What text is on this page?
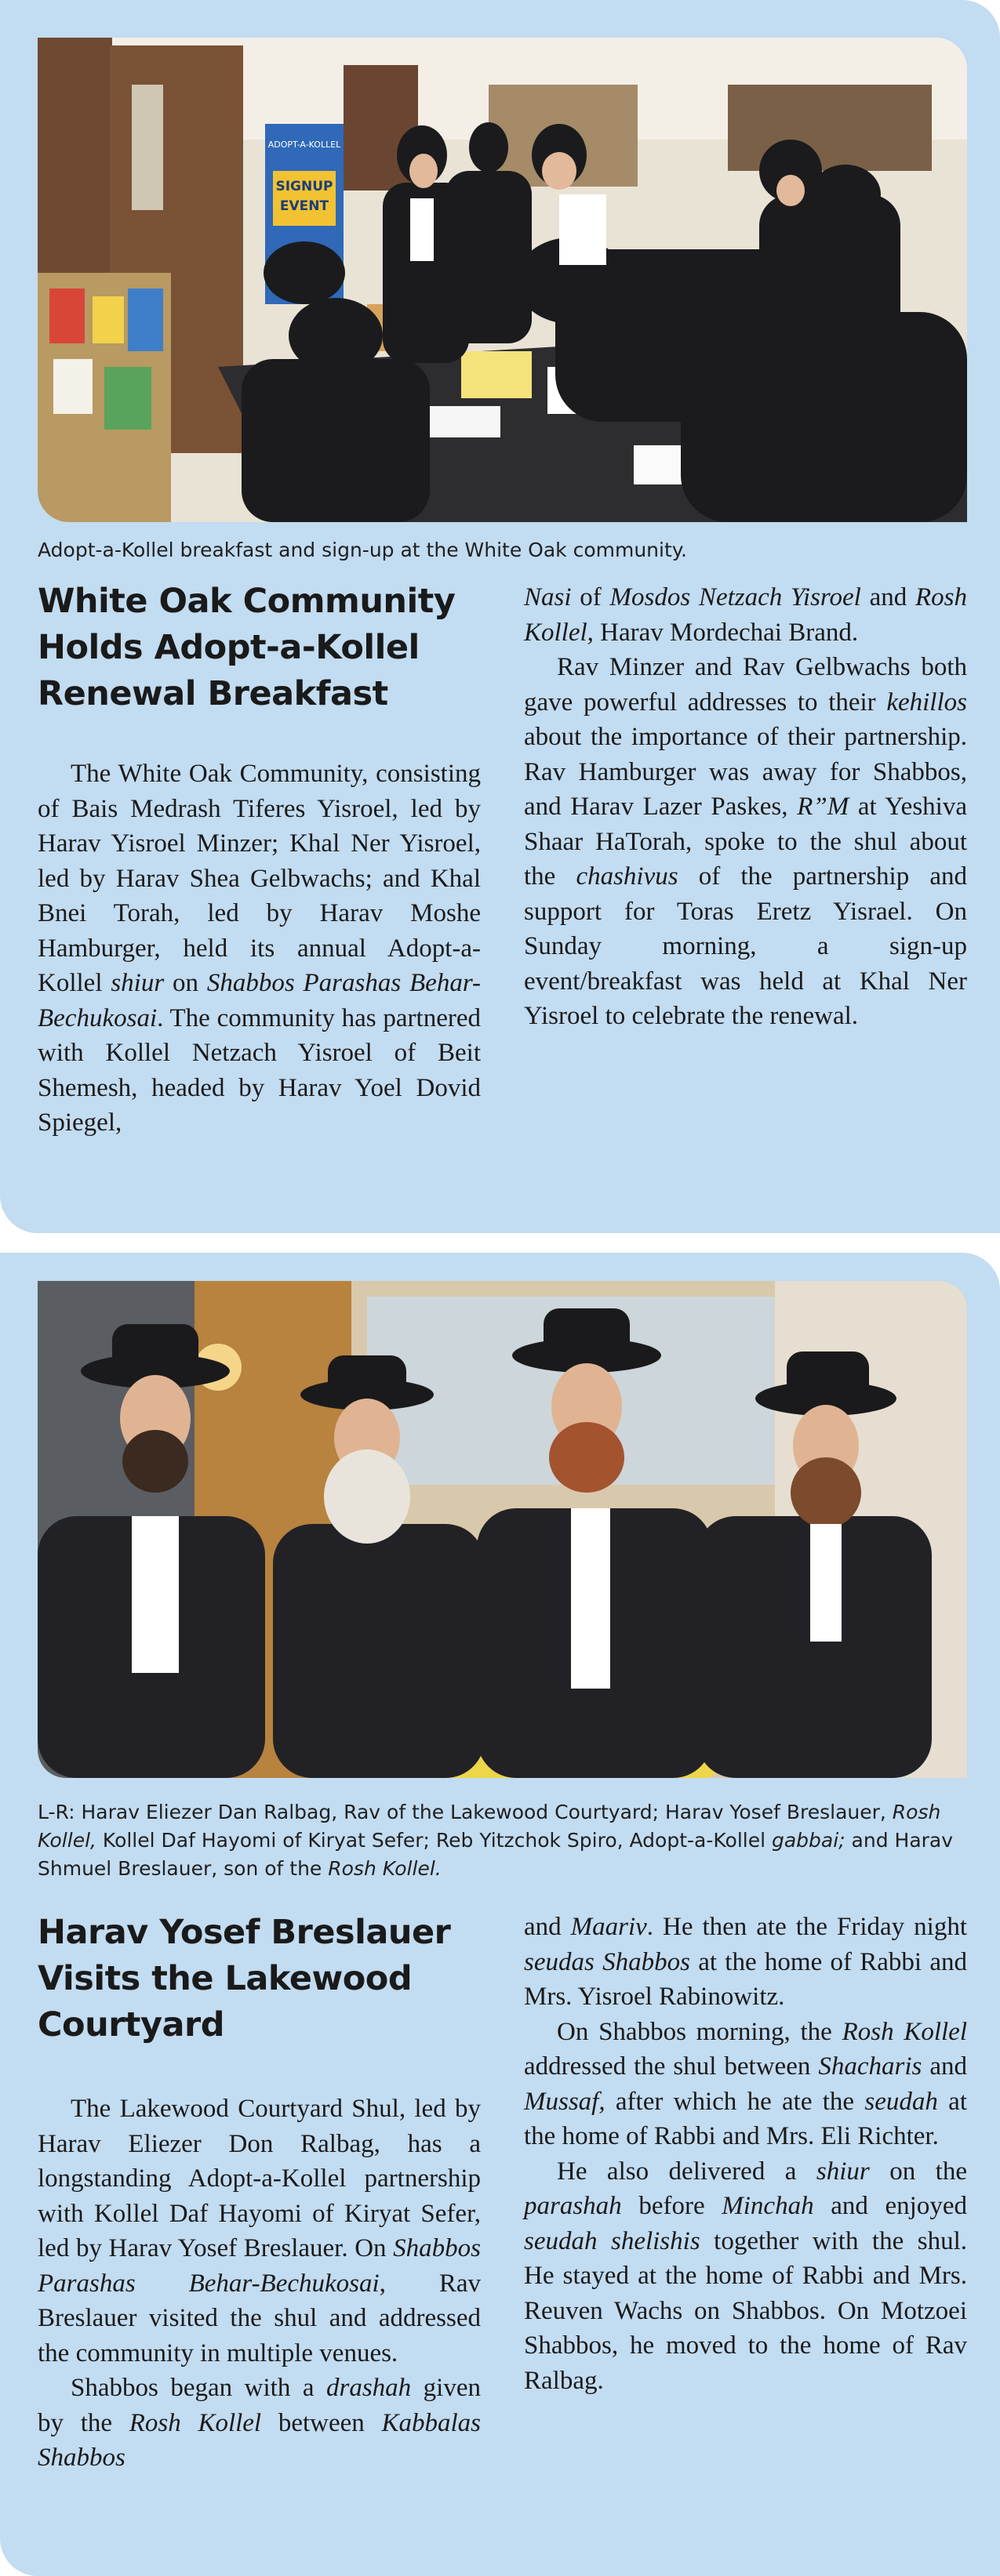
ADOPT-A-KOLLEL
SIGNUP
EVENT
Adopt-a-Kollel breakfast and sign-up at the White Oak community.
White Oak Community Holds Adopt-a-Kollel Renewal Breakfast

The White Oak Community, consisting of Bais Medrash Tiferes Yisroel, led by Harav Yisroel Minzer; Khal Ner Yisroel, led by Harav Shea Gelbwachs; and Khal Bnei Torah, led by Harav Moshe Hamburger, held its annual Adopt-a-Kollel shiur on Shabbos Parashas Behar-Bechukosai. The community has partnered with Kollel Netzach Yisroel of Beit Shemesh, headed by Harav Yoel Dovid Spiegel,

Nasi of Mosdos Netzach Yisroel and Rosh Kollel, Harav Mordechai Brand.

Rav Minzer and Rav Gelbwachs both gave powerful addresses to their kehillos about the importance of their partnership. Rav Hamburger was away for Shabbos, and Harav Lazer Paskes, R”M at Yeshiva Shaar HaTorah, spoke to the shul about the chashivus of the partnership and support for Toras Eretz Yisrael. On Sunday morning, a sign-up event/breakfast was held at Khal Ner Yisroel to celebrate the renewal.

L-R: Harav Eliezer Dan Ralbag, Rav of the Lakewood Courtyard; Harav Yosef Breslauer, Rosh Kollel, Kollel Daf Hayomi of Kiryat Sefer; Reb Yitzchok Spiro, Adopt-a-Kollel gabbai; and Harav Shmuel Breslauer, son of the Rosh Kollel.
Harav Yosef Breslauer Visits the Lakewood Courtyard

The Lakewood Courtyard Shul, led by Harav Eliezer Don Ralbag, has a longstanding Adopt-a-Kollel partnership with Kollel Daf Hayomi of Kiryat Sefer, led by Harav Yosef Breslauer. On Shabbos Parashas Behar-Bechukosai, Rav Breslauer visited the shul and addressed the community in multiple venues.

Shabbos began with a drashah given by the Rosh Kollel between Kabbalas Shabbos

and Maariv. He then ate the Friday night seudas Shabbos at the home of Rabbi and Mrs. Yisroel Rabinowitz.

On Shabbos morning, the Rosh Kollel addressed the shul between Shacharis and Mussaf, after which he ate the seudah at the home of Rabbi and Mrs. Eli Richter.

He also delivered a shiur on the parashah before Minchah and enjoyed seudah shelishis together with the shul. He stayed at the home of Rabbi and Mrs. Reuven Wachs on Shabbos. On Motzoei Shabbos, he moved to the home of Rav Ralbag.
